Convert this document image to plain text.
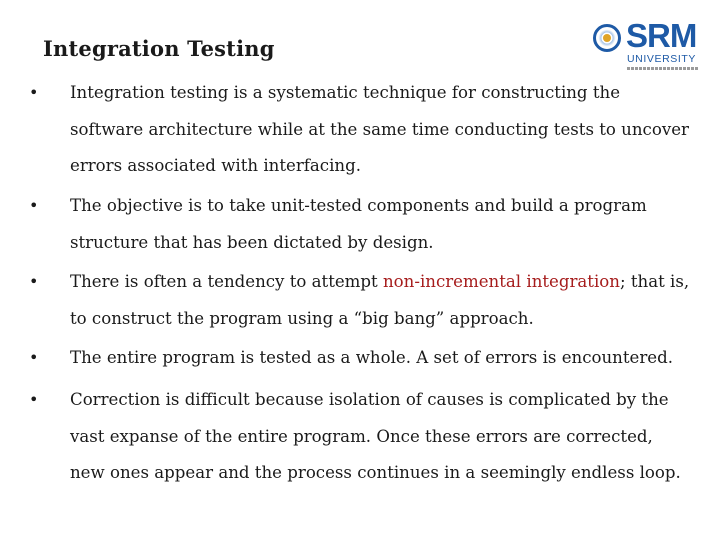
Integration Testing	SRM
UNIVERSITY
• Integration testing is a systematic technique for constructing the software architecture while at the same time conducting tests to uncover errors associated with interfacing.
• The objective is to take unit-tested components and build a program structure that has been dictated by design.
• There is often a tendency to attempt non-incremental integration; that is, to construct the program using a “big bang” approach.
• The entire program is tested as a whole. A set of errors is encountered.
• Correction is difficult because isolation of causes is complicated by the vast expanse of the entire program. Once these errors are corrected, new ones appear and the process continues in a seemingly endless loop.
